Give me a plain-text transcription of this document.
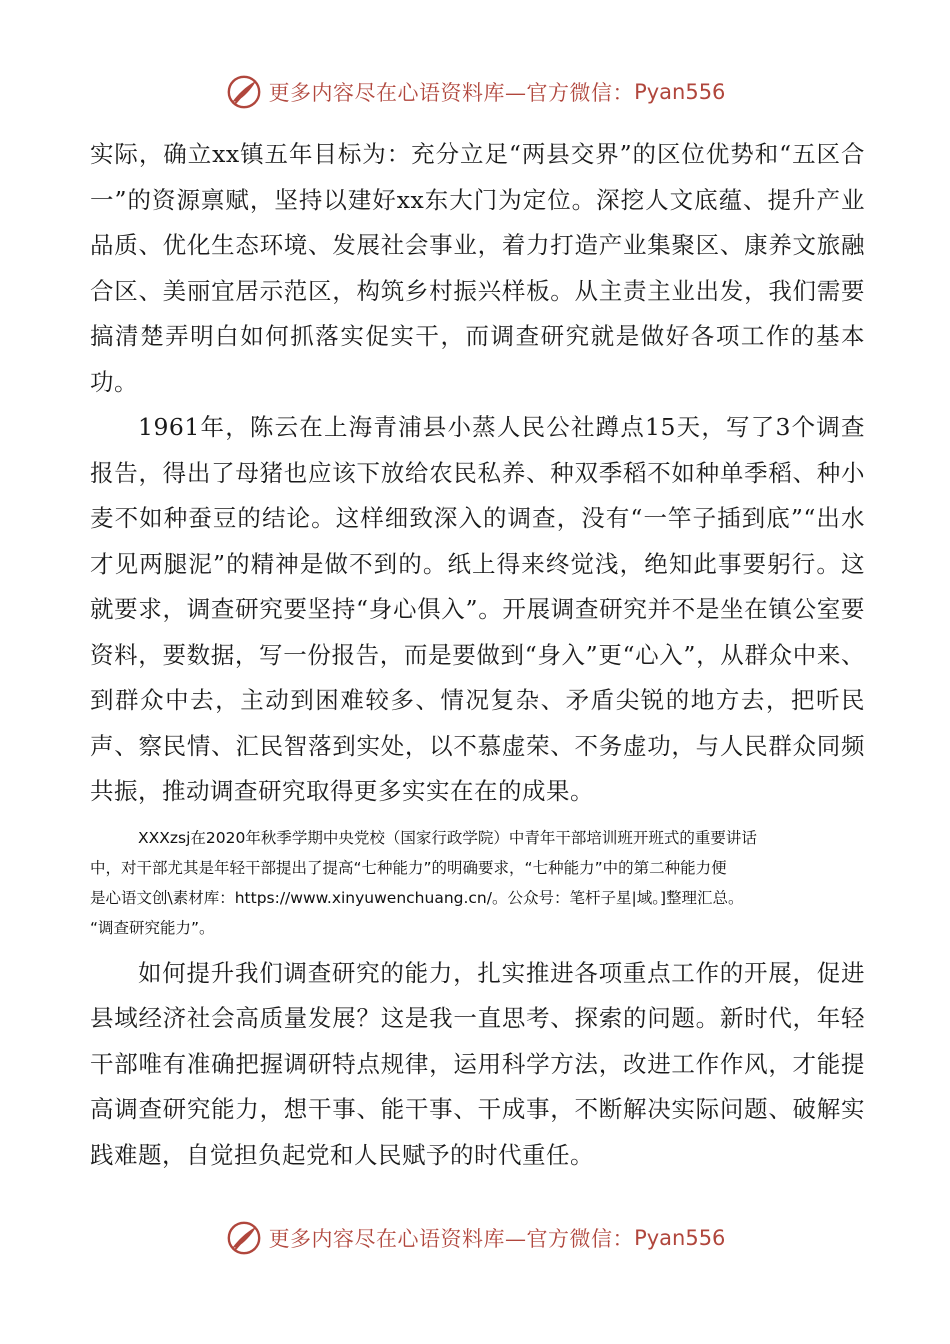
更多内容尽在心语资料库—官方微信： Pyan556

实际，确立xx镇五年目标为：充分立足“两县交界”的区位优势和“五区合一”的资源禀赋，坚持以建好xx东大门为定位。深挖人文底蕴、提升产业品质、优化生态环境、发展社会事业，着力打造产业集聚区、康养文旅融合区、美丽宜居示范区，构筑乡村振兴样板。从主责主业出发，我们需要搞清楚弄明白如何抓落实促实干，而调查研究就是做好各项工作的基本功。

1961年，陈云在上海青浦县小蒸人民公社蹲点15天，写了3个调查报告，得出了母猪也应该下放给农民私养、种双季稻不如种单季稻、种小麦不如种蚕豆的结论。这样细致深入的调查，没有“一竿子插到底”“出水才见两腿泥”的精神是做不到的。纸上得来终觉浅，绝知此事要躬行。这就要求，调查研究要坚持“身心俱入”。开展调查研究并不是坐在镇公室要资料，要数据，写一份报告，而是要做到“身入”更“心入”，从群众中来、到群众中去，主动到困难较多、情况复杂、矛盾尖锐的地方去，把听民声、察民情、汇民智落到实处，以不慕虚荣、不务虚功，与人民群众同频共振，推动调查研究取得更多实实在在的成果。

XXXzsj在2020年秋季学期中央党校（国家行政学院）中青年干部培训班开班式的重要讲话
中，对干部尤其是年轻干部提出了提高“七种能力”的明确要求，“七种能力”中的第二种能力便
是心语文创\素材库：https://www.xinyuwenchuang.cn/。公众号：笔杆子星|域。]整理汇总。
“调查研究能力”。

如何提升我们调查研究的能力，扎实推进各项重点工作的开展，促进县域经济社会高质量发展？这是我一直思考、探索的问题。新时代，年轻干部唯有准确把握调研特点规律，运用科学方法，改进工作作风，才能提高调查研究能力，想干事、能干事、干成事，不断解决实际问题、破解实践难题，自觉担负起党和人民赋予的时代重任。

更多内容尽在心语资料库—官方微信： Pyan556
